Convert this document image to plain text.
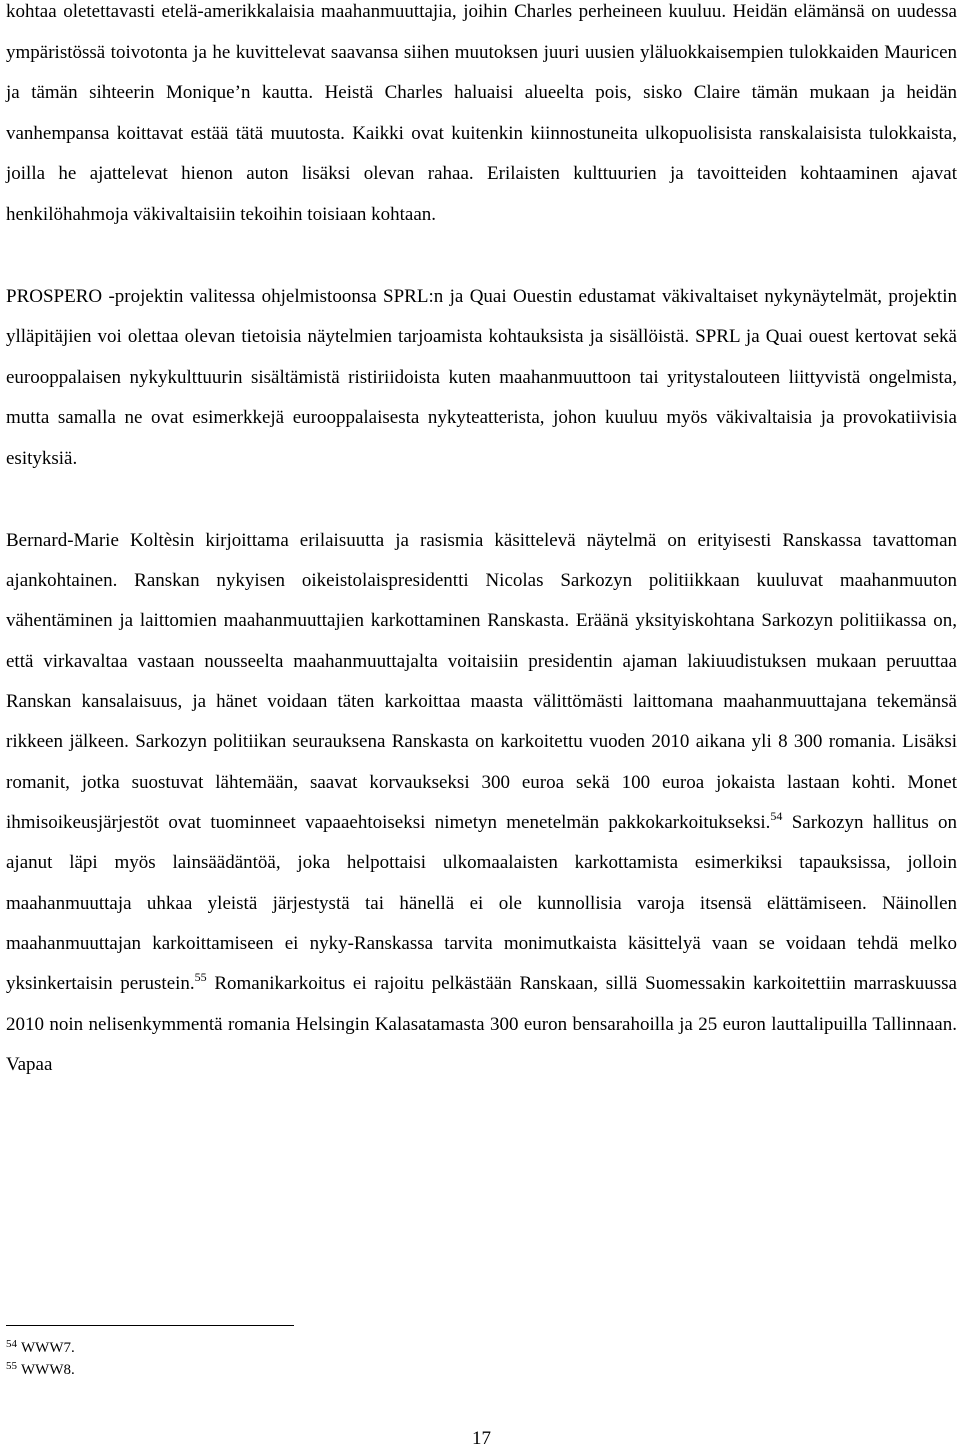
kohtaa oletettavasti etelä-amerikkalaisia maahanmuuttajia, joihin Charles perheineen kuuluu. Heidän elämänsä on uudessa ympäristössä toivotonta ja he kuvittelevat saavansa siihen muutoksen juuri uusien yläluokkaisempien tulokkaiden Mauricen ja tämän sihteerin Monique’n kautta. Heistä Charles haluaisi alueelta pois, sisko Claire tämän mukaan ja heidän vanhempansa koittavat estää tätä muutosta. Kaikki ovat kuitenkin kiinnostuneita ulkopuolisista ranskalaisista tulokkaista, joilla he ajattelevat hienon auton lisäksi olevan rahaa. Erilaisten kulttuurien ja tavoitteiden kohtaaminen ajavat henkilöhahmoja väkivaltaisiin tekoihin toisiaan kohtaan.

PROSPERO -projektin valitessa ohjelmistoonsa SPRL:n ja Quai Ouestin edustamat väkivaltaiset nykynäytelmät, projektin ylläpitäjien voi olettaa olevan tietoisia näytelmien tarjoamista kohtauksista ja sisällöistä. SPRL ja Quai ouest kertovat sekä eurooppalaisen nykykulttuurin sisältämistä ristiriidoista kuten maahanmuuttoon tai yritystalouteen liittyvistä ongelmista, mutta samalla ne ovat esimerkkejä eurooppalaisesta nykyteatterista, johon kuuluu myös väkivaltaisia ja provokatiivisia esityksiä.

Bernard-Marie Koltèsin kirjoittama erilaisuutta ja rasismia käsittelevä näytelmä on erityisesti Ranskassa tavattoman ajankohtainen. Ranskan nykyisen oikeistolaispresidentti Nicolas Sarkozyn politiikkaan kuuluvat maahanmuuton vähentäminen ja laittomien maahanmuuttajien karkottaminen Ranskasta. Eräänä yksityiskohtana Sarkozyn politiikassa on, että virkavaltaa vastaan nousseelta maahanmuuttajalta voitaisiin presidentin ajaman lakiuudistuksen mukaan peruuttaa Ranskan kansalaisuus, ja hänet voidaan täten karkoittaa maasta välittömästi laittomana maahanmuuttajana tekemänsä rikkeen jälkeen. Sarkozyn politiikan seurauksena Ranskasta on karkoitettu vuoden 2010 aikana yli 8 300 romania. Lisäksi romanit, jotka suostuvat lähtemään, saavat korvaukseksi 300 euroa sekä 100 euroa jokaista lastaan kohti. Monet ihmisoikeusjärjestöt ovat tuominneet vapaaehtoiseksi nimetyn menetelmän pakkokarkoitukseksi.$^{54}$ Sarkozyn hallitus on ajanut läpi myös lainsäädäntöä, joka helpottaisi ulkomaalaisten karkottamista esimerkiksi tapauksissa, jolloin maahanmuuttaja uhkaa yleistä järjestystä tai hänellä ei ole kunnollisia varoja itsensä elättämiseen. Näinollen maahanmuuttajan karkoittamiseen ei nyky-Ranskassa tarvita monimutkaista käsittelyä vaan se voidaan tehdä melko yksinkertaisin perustein.$^{55}$ Romanikarkoitus ei rajoitu pelkästään Ranskaan, sillä Suomessakin karkoitettiin marraskuussa 2010 noin nelisenkymmentä romania Helsingin Kalasatamasta 300 euron bensarahoilla ja 25 euron lauttalipuilla Tallinnaan. Vapaa

$^{54}$ WWW7.
$^{55}$ WWW8.
17
